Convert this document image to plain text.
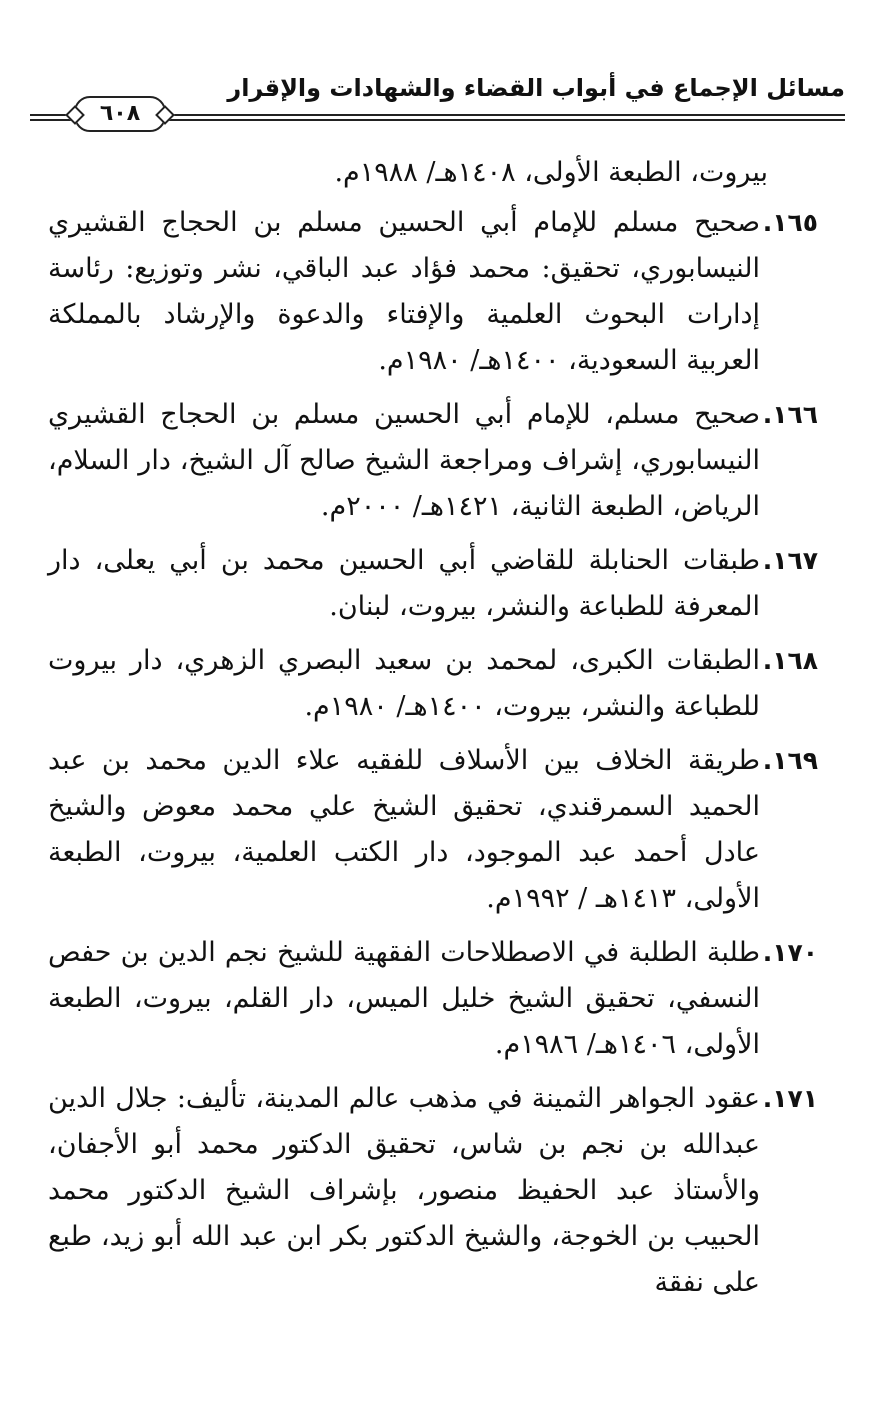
٦٠٨
مسائل الإجماع في أبواب القضاء والشهادات والإقرار
بيروت، الطبعة الأولى، ١٤٠٨هـ/ ١٩٨٨م.
١٦٥.
صحيح مسلم للإمام أبي الحسين مسلم بن الحجاج القشيري النيسابوري، تحقيق: محمد فؤاد عبد الباقي، نشر وتوزيع: رئاسة إدارات البحوث العلمية والإفتاء والدعوة والإرشاد بالمملكة العربية السعودية، ١٤٠٠هـ/ ١٩٨٠م.
١٦٦.
صحيح مسلم، للإمام أبي الحسين مسلم بن الحجاج القشيري النيسابوري، إشراف ومراجعة الشيخ صالح آل الشيخ، دار السلام، الرياض، الطبعة الثانية، ١٤٢١هـ/ ٢٠٠٠م.
١٦٧.
طبقات الحنابلة للقاضي أبي الحسين محمد بن أبي يعلى، دار المعرفة للطباعة والنشر، بيروت، لبنان.
١٦٨.
الطبقات الكبرى، لمحمد بن سعيد البصري الزهري، دار بيروت للطباعة والنشر، بيروت، ١٤٠٠هـ/ ١٩٨٠م.
١٦٩.
طريقة الخلاف بين الأسلاف للفقيه علاء الدين محمد بن عبد الحميد السمرقندي، تحقيق الشيخ علي محمد معوض والشيخ عادل أحمد عبد الموجود، دار الكتب العلمية، بيروت، الطبعة الأولى، ١٤١٣هـ / ١٩٩٢م.
١٧٠.
طلبة الطلبة في الاصطلاحات الفقهية للشيخ نجم الدين بن حفص النسفي، تحقيق الشيخ خليل الميس، دار القلم، بيروت، الطبعة الأولى، ١٤٠٦هـ/ ١٩٨٦م.
١٧١.
عقود الجواهر الثمينة في مذهب عالم المدينة، تأليف: جلال الدين عبدالله بن نجم بن شاس، تحقيق الدكتور محمد أبو الأجفان، والأستاذ عبد الحفيظ منصور، بإشراف الشيخ الدكتور محمد الحبيب بن الخوجة، والشيخ الدكتور بكر ابن عبد الله أبو زيد، طبع على نفقة
